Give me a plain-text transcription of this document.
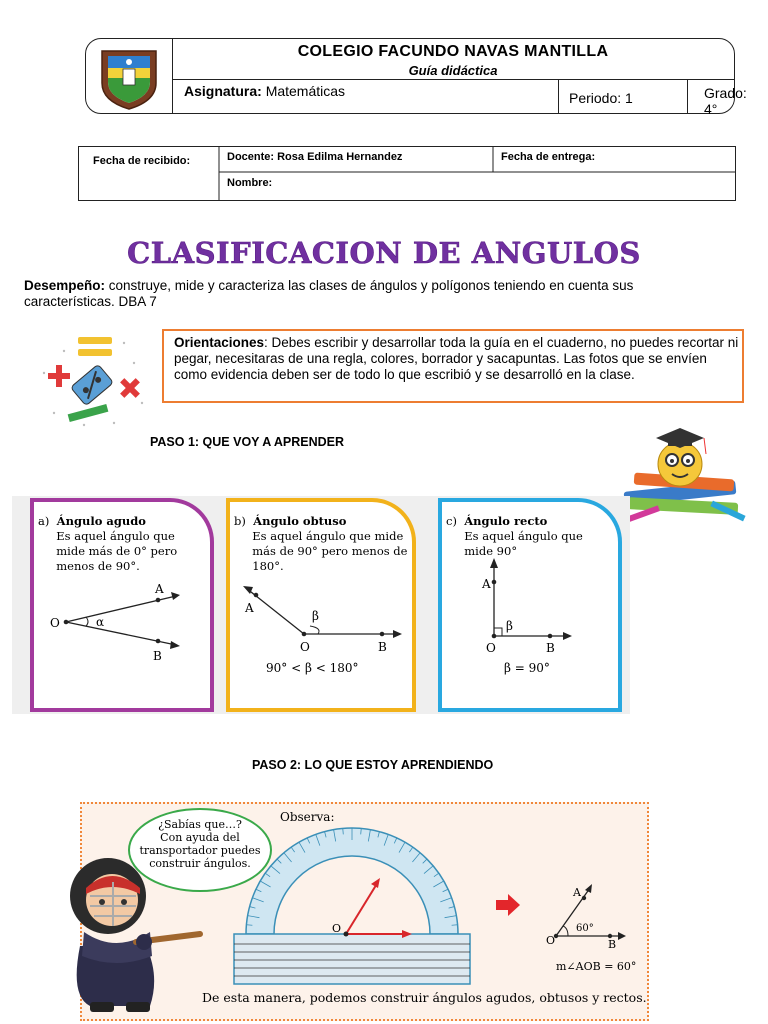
COLEGIO FACUNDO NAVAS MANTILLA
Guía didáctica
Asignatura: Matemáticas	Periodo: 1	Grado: 4°
Fecha de recibido:	Docente: Rosa Edilma Hernandez	Fecha de entrega:
Nombre:
CLASIFICACION DE ANGULOS
Desempeño: construye, mide y caracteriza las clases de ángulos y polígonos teniendo en cuenta sus características. DBA 7
Orientaciones: Debes escribir y desarrollar toda la guía en el cuaderno, no puedes recortar ni pegar, necesitaras de una regla, colores, borrador y sacapuntas. Las fotos que se envíen como evidencia deben ser de todo lo que escribió y se desarrolló en la clase.
PASO 1: QUE VOY A APRENDER
a) Ángulo agudo
Es aquel ángulo que
mide más de 0° pero
menos de 90°.
O
A
B
α
b) Ángulo obtuso
Es aquel ángulo que mide
más de 90° pero menos de
180°.
A
O	B
β
90° < β < 180°
c) Ángulo recto
Es aquel ángulo que
mide 90°
A
O	B
β
β = 90°
PASO 2: LO QUE ESTOY APRENDIENDO
¿Sabías que…?
Con ayuda del
transportador puedes
construir ángulos.
Observa:
O
A
O	B
60°
m∠AOB = 60°
De esta manera, podemos construir ángulos agudos, obtusos y rectos.
